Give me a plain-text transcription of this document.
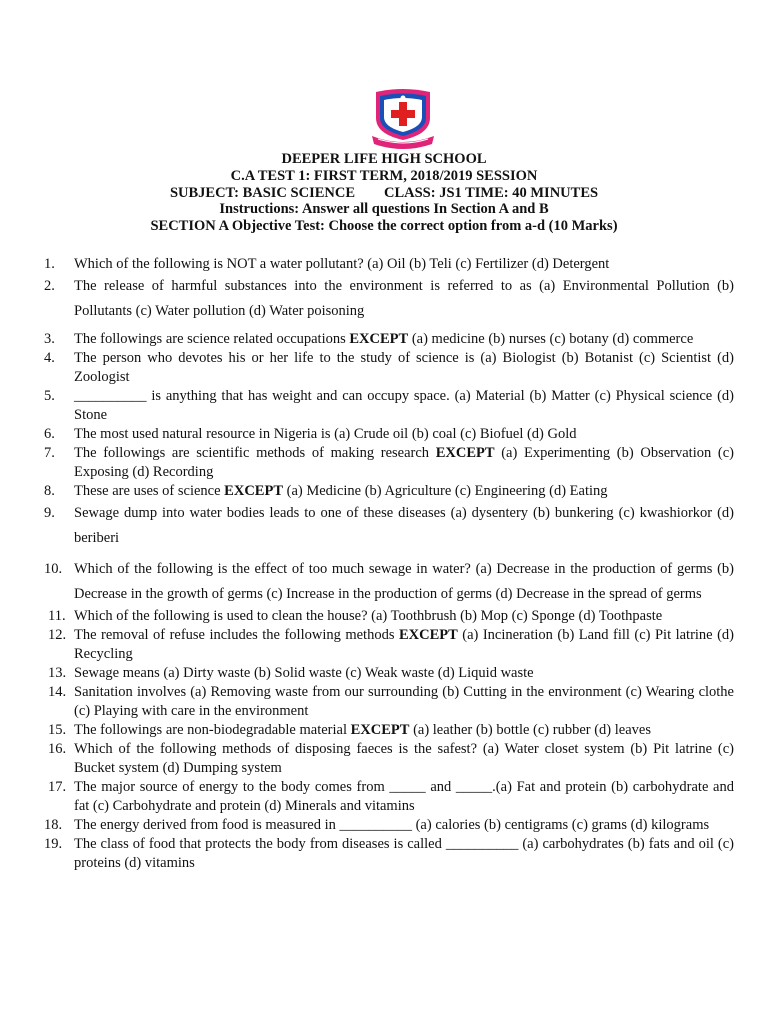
DEEPER LIFE HIGH SCHOOL
C.A TEST 1: FIRST TERM, 2018/2019 SESSION
SUBJECT: BASIC SCIENCE        CLASS: JS1 TIME: 40 MINUTES
Instructions: Answer all questions In Section A and B
SECTION A Objective Test: Choose the correct option from a-d (10 Marks)
1.	Which of the following is NOT a water pollutant? (a) Oil (b) Teli (c) Fertilizer (d) Detergent
2.	The release of harmful substances into the environment is referred to as (a) Environmental Pollution (b) Pollutants (c) Water pollution (d) Water poisoning
3.	The followings are science related occupations EXCEPT (a) medicine (b) nurses (c) botany (d) commerce
4.	The person who devotes his or her life to the study of science is (a) Biologist (b) Botanist (c) Scientist (d) Zoologist
5.	__________ is anything that has weight and can occupy space. (a) Material (b) Matter (c) Physical science (d) Stone
6.	The most used natural resource in Nigeria is (a) Crude oil (b) coal (c) Biofuel (d) Gold
7.	The followings are scientific methods of making research EXCEPT (a) Experimenting (b) Observation (c) Exposing (d) Recording
8.	These are uses of science EXCEPT (a) Medicine (b) Agriculture (c) Engineering (d) Eating
9.	Sewage dump into water bodies leads to one of these diseases (a) dysentery (b) bunkering (c) kwashiorkor (d) beriberi
10. Which of the following is the effect of too much sewage in water? (a) Decrease in the production of germs (b) Decrease in the growth of germs (c) Increase in the production of germs (d) Decrease in the spread of germs
11. Which of the following is used to clean the house? (a) Toothbrush (b) Mop (c) Sponge (d) Toothpaste
12. The removal of refuse includes the following methods EXCEPT (a) Incineration (b) Land fill (c) Pit latrine (d) Recycling
13. Sewage means (a) Dirty waste (b) Solid waste (c) Weak waste (d) Liquid waste
14. Sanitation involves (a) Removing waste from our surrounding (b) Cutting in the environment (c) Wearing clothe (c) Playing with care in the environment
15. The followings are non-biodegradable material EXCEPT (a) leather (b) bottle (c) rubber (d) leaves
16. Which of the following methods of disposing faeces is the safest? (a) Water closet system (b) Pit latrine (c) Bucket system (d) Dumping system
17. The major source of energy to the body comes from _____ and _____.(a) Fat and protein (b) carbohydrate and fat (c) Carbohydrate and protein (d) Minerals and vitamins
18. The energy derived from food is measured in __________ (a) calories (b) centigrams (c) grams (d) kilograms
19. The class of food that protects the body from diseases is called __________ (a) carbohydrates (b) fats and oil (c) proteins (d) vitamins
